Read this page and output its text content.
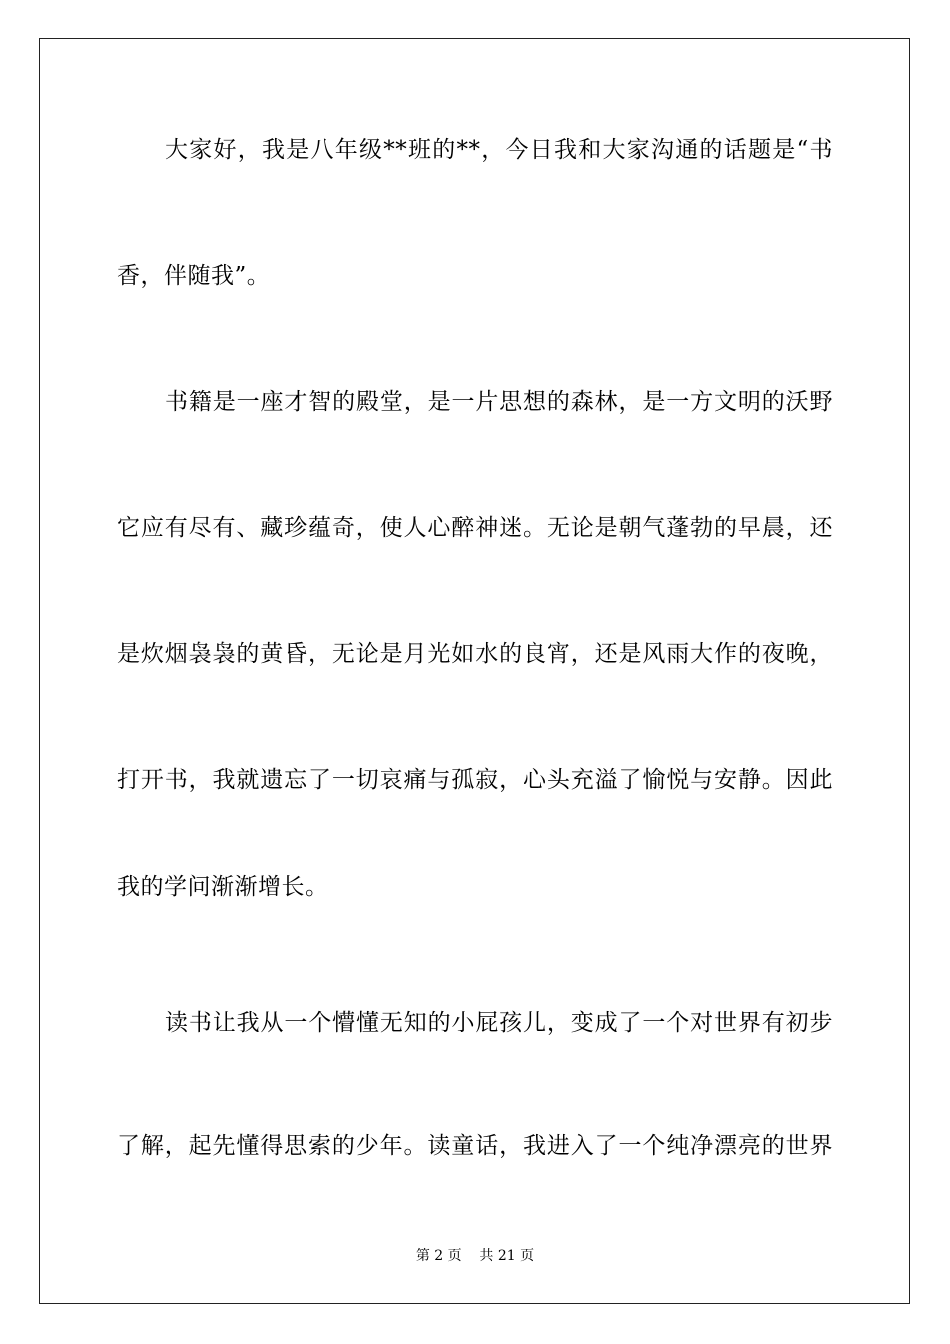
大家好，我是八年级**班的**，今日我和大家沟通的话题是“书
香，伴随我”。
书籍是一座才智的殿堂，是一片思想的森林，是一方文明的沃野
它应有尽有、藏珍蕴奇，使人心醉神迷。无论是朝气蓬勃的早晨，还
是炊烟袅袅的黄昏，无论是月光如水的良宵，还是风雨大作的夜晚，
打开书，我就遗忘了一切哀痛与孤寂，心头充溢了愉悦与安静。因此
我的学问渐渐增长。
读书让我从一个懵懂无知的小屁孩儿，变成了一个对世界有初步
了解，起先懂得思索的少年。读童话，我进入了一个纯净漂亮的世界
第 2 页    共 21 页
